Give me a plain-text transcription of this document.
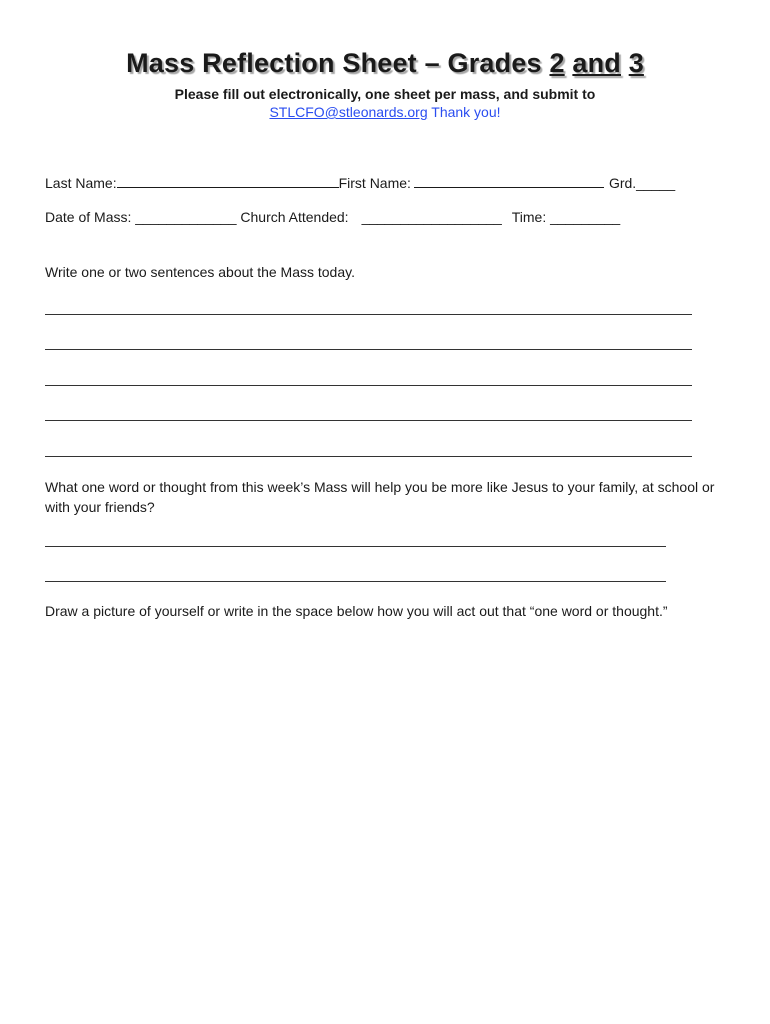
Mass Reflection Sheet – Grades 2 and 3
Please fill out electronically, one sheet per mass, and submit to
STLCFO@stleonards.org Thank you!
Last Name:	First Name:	Grd._____
Date of Mass: _____________ Church Attended: __________________ Time: _________
Write one or two sentences about the Mass today.
What one word or thought from this week’s Mass will help you be more like Jesus to your family, at school or with your friends?
Draw a picture of yourself or write in the space below how you will act out that “one word or thought.”
